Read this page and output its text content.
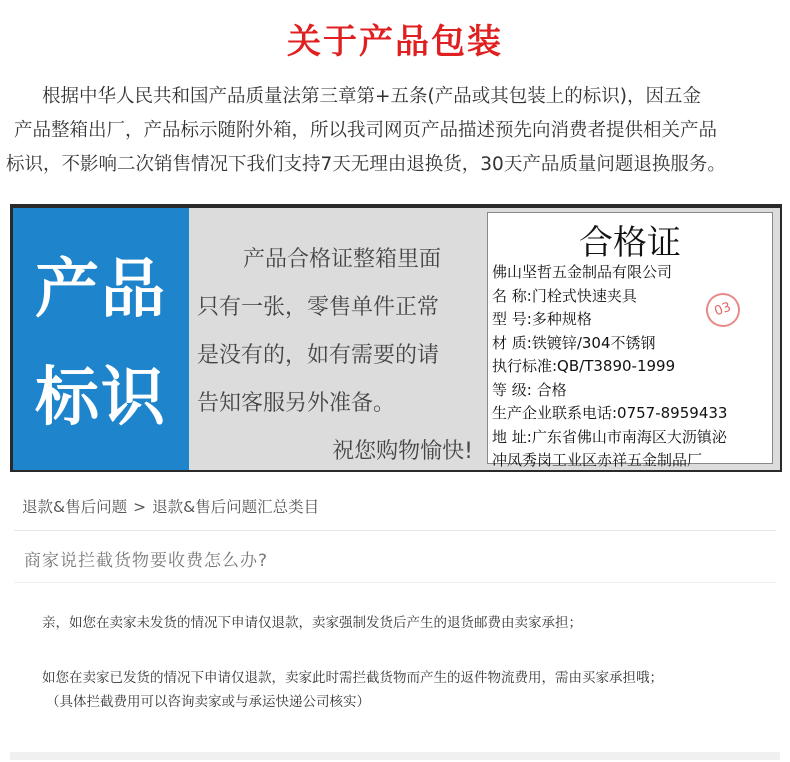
关于产品包装
根据中华人民共和国产品质量法第三章第+五条(产品或其包装上的标识)，因五金
产品整箱出厂，产品标示随附外箱，所以我司网页产品描述预先向消费者提供相关产品
标识，不影响二次销售情况下我们支持7天无理由退换货，30天产品质量问题退换服务。
产品
标识
产品合格证整箱里面
只有一张，零售单件正常
是没有的，如有需要的请
告知客服另外准备。
祝您购物愉快!
合格证
佛山坚哲五金制品有限公司
名 称:门栓式快速夹具
型 号:多种规格
材 质:铁镀锌/304不锈钢
执行标准:QB/T3890-1999
等 级: 合格
生产企业联系电话:0757-8959433
地 址:广东省佛山市南海区大沥镇泌
冲凤秀岗工业区赤祥五金制品厂
03
退款&售后问题 > 退款&售后问题汇总类目
商家说拦截货物要收费怎么办?
亲，如您在卖家未发货的情况下申请仅退款，卖家强制发货后产生的退货邮费由卖家承担；
如您在卖家已发货的情况下申请仅退款，卖家此时需拦截货物而产生的返件物流费用，需由买家承担哦；
（具体拦截费用可以咨询卖家或与承运快递公司核实）
